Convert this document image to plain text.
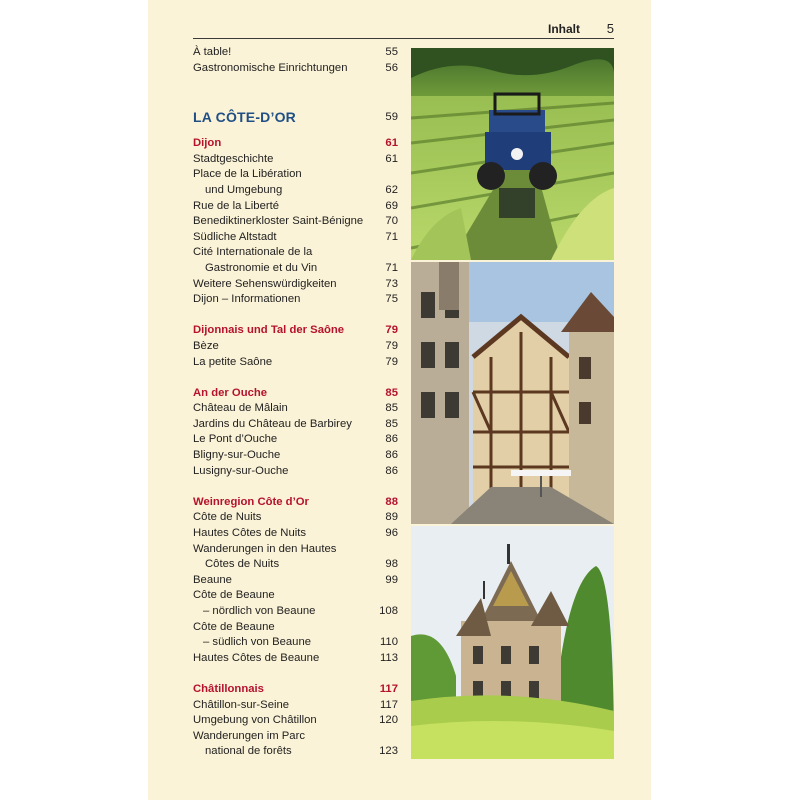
Inhalt 5
À table!	55
Gastronomische Einrichtungen	56
LA CÔTE-D’OR	59
Dijon	61
Stadtgeschichte	61
Place de la Libération
und Umgebung	62
Rue de la Liberté	69
Benediktinerkloster Saint-Bénigne 70
Südliche Altstadt	71
Cité Internationale de la
Gastronomie et du Vin	71
Weitere Sehenswürdigkeiten	73
Dijon – Informationen	75
Dijonnais und Tal der Saône	79
Bèze	79
La petite Saône	79
An der Ouche	85
Château de Mâlain	85
Jardins du Château de Barbirey	85
Le Pont d’Ouche	86
Bligny-sur-Ouche	86
Lusigny-sur-Ouche	86
Weinregion Côte d’Or	88
Côte de Nuits	89
Hautes Côtes de Nuits	96
Wanderungen in den Hautes
Côtes de Nuits	98
Beaune	99
Côte de Beaune
– nördlich von Beaune	108
Côte de Beaune
– südlich von Beaune	110
Hautes Côtes de Beaune	113
Châtillonnais	117
Châtillon-sur-Seine	117
Umgebung von Châtillon	120
Wanderungen im Parc
national de forêts	123
